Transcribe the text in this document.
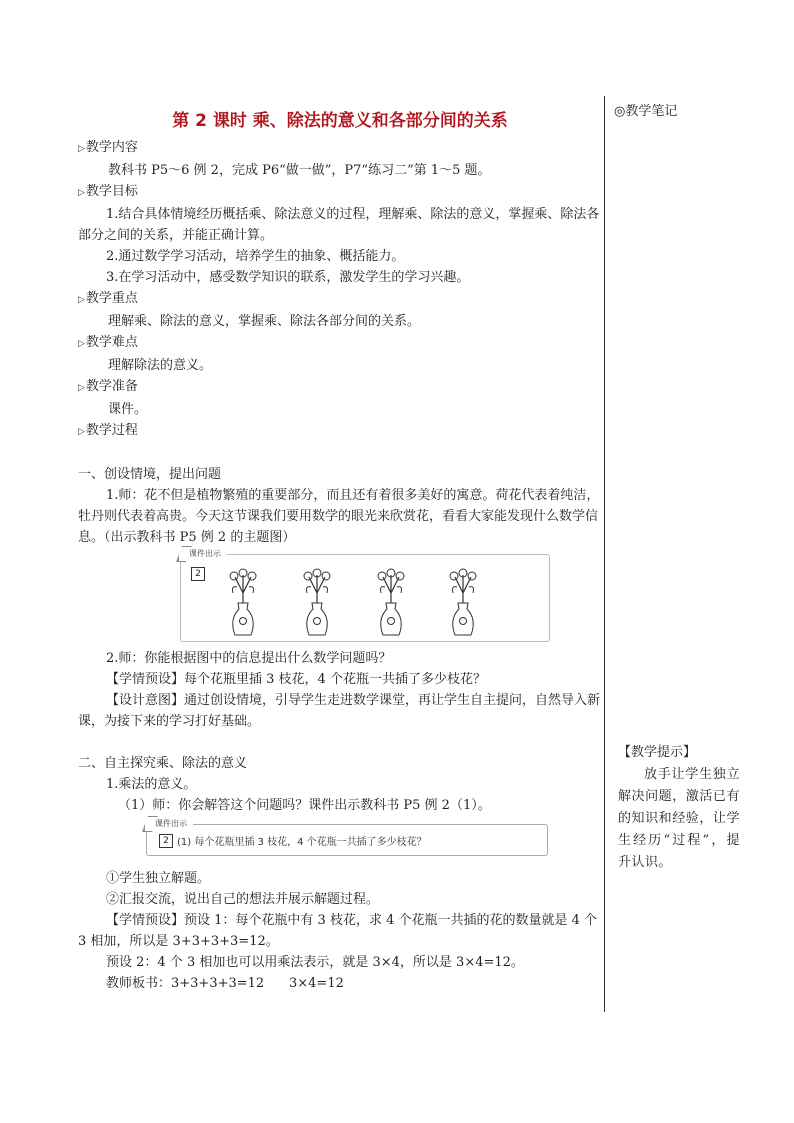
第 2 课时 乘、除法的意义和各部分间的关系	◎教学笔记
▷教学内容
教科书 P5～6 例 2，完成 P6“做一做”，P7“练习二”第 1～5 题。
▷教学目标
1.结合具体情境经历概括乘、除法意义的过程，理解乘、除法的意义，掌握乘、除法各部分之间的关系，并能正确计算。
2.通过数学学习活动，培养学生的抽象、概括能力。
3.在学习活动中，感受数学知识的联系，激发学生的学习兴趣。
▷教学重点
理解乘、除法的意义，掌握乘、除法各部分间的关系。
▷教学难点
理解除法的意义。
▷教学准备
课件。
▷教学过程
一、创设情境，提出问题
1.师：花不但是植物繁殖的重要部分，而且还有着很多美好的寓意。荷花代表着纯洁，牡丹则代表着高贵。今天这节课我们要用数学的眼光来欣赏花，看看大家能发现什么数学信息。（出示教科书 P5 例 2 的主题图）
课件出示
2
2.师：你能根据图中的信息提出什么数学问题吗？
【学情预设】每个花瓶里插 3 枝花，4 个花瓶一共插了多少枝花？
【设计意图】通过创设情境，引导学生走进数学课堂，再让学生自主提问，自然导入新课，为接下来的学习打好基础。
二、自主探究乘、除法的意义
1.乘法的意义。
（1）师：你会解答这个问题吗？课件出示教科书 P5 例 2（1）。
课件出示
2 (1) 每个花瓶里插 3 枝花，4 个花瓶一共插了多少枝花？
①学生独立解题。
②汇报交流，说出自己的想法并展示解题过程。
【学情预设】预设 1：每个花瓶中有 3 枝花，求 4 个花瓶一共插的花的数量就是 4 个 3 相加，所以是 3+3+3+3=12。
预设 2：4 个 3 相加也可以用乘法表示，就是 3×4，所以是 3×4=12。
教师板书：3+3+3+3=12      3×4=12
【教学提示】
放手让学生独立解决问题，激活已有的知识和经验，让学生经历“过程”，提升认识。
